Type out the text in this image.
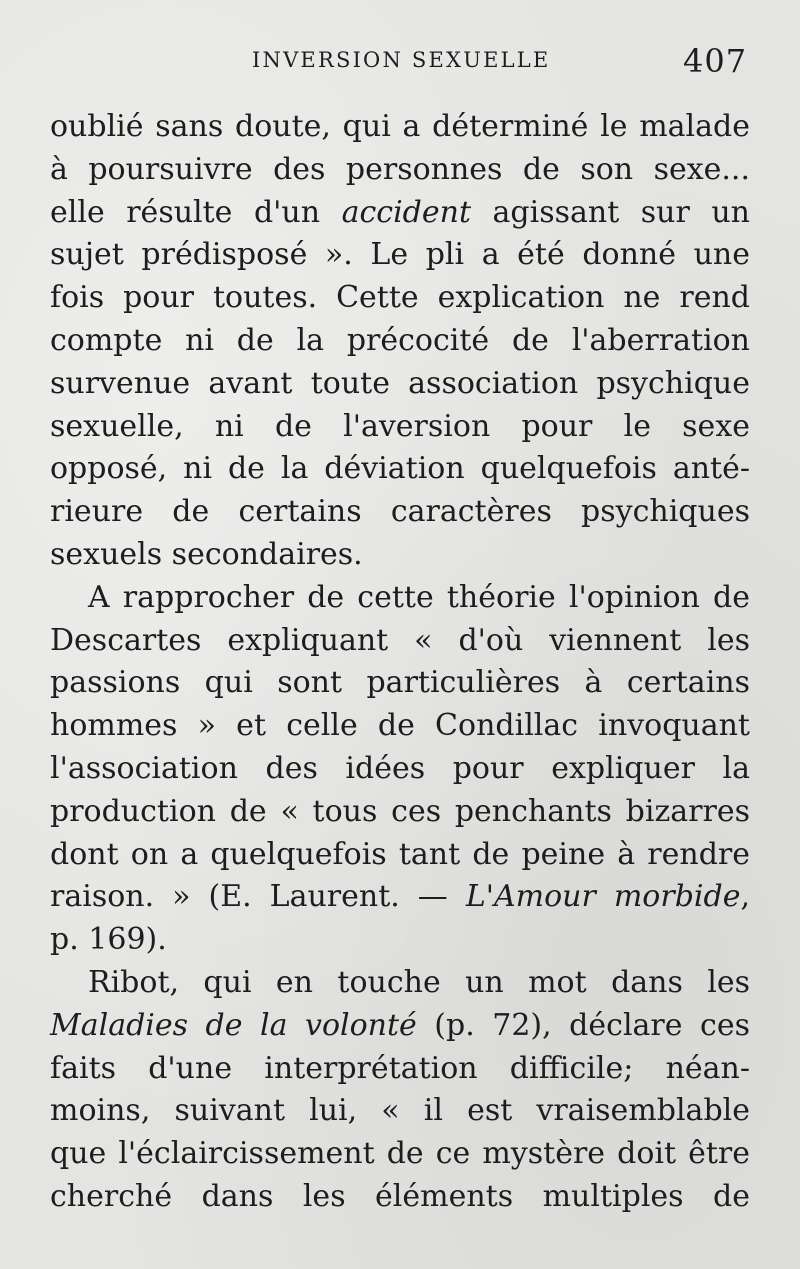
INVERSION SEXUELLE	407
oublié sans doute, qui a déterminé le malade
à poursuivre des personnes de son sexe...
elle résulte d'un accident agissant sur un
sujet prédisposé ». Le pli a été donné une
fois pour toutes. Cette explication ne rend
compte ni de la précocité de l'aberration
survenue avant toute association psychique
sexuelle, ni de l'aversion pour le sexe
opposé, ni de la déviation quelquefois anté-
rieure de certains caractères psychiques
sexuels secondaires.
A rapprocher de cette théorie l'opinion de
Descartes expliquant « d'où viennent les
passions qui sont particulières à certains
hommes » et celle de Condillac invoquant
l'association des idées pour expliquer la
production de « tous ces penchants bizarres
dont on a quelquefois tant de peine à rendre
raison. » (E. Laurent. — L'Amour morbide,
p. 169).
Ribot, qui en touche un mot dans les
Maladies de la volonté (p. 72), déclare ces
faits d'une interprétation difficile; néan-
moins, suivant lui, « il est vraisemblable
que l'éclaircissement de ce mystère doit être
cherché dans les éléments multiples de
